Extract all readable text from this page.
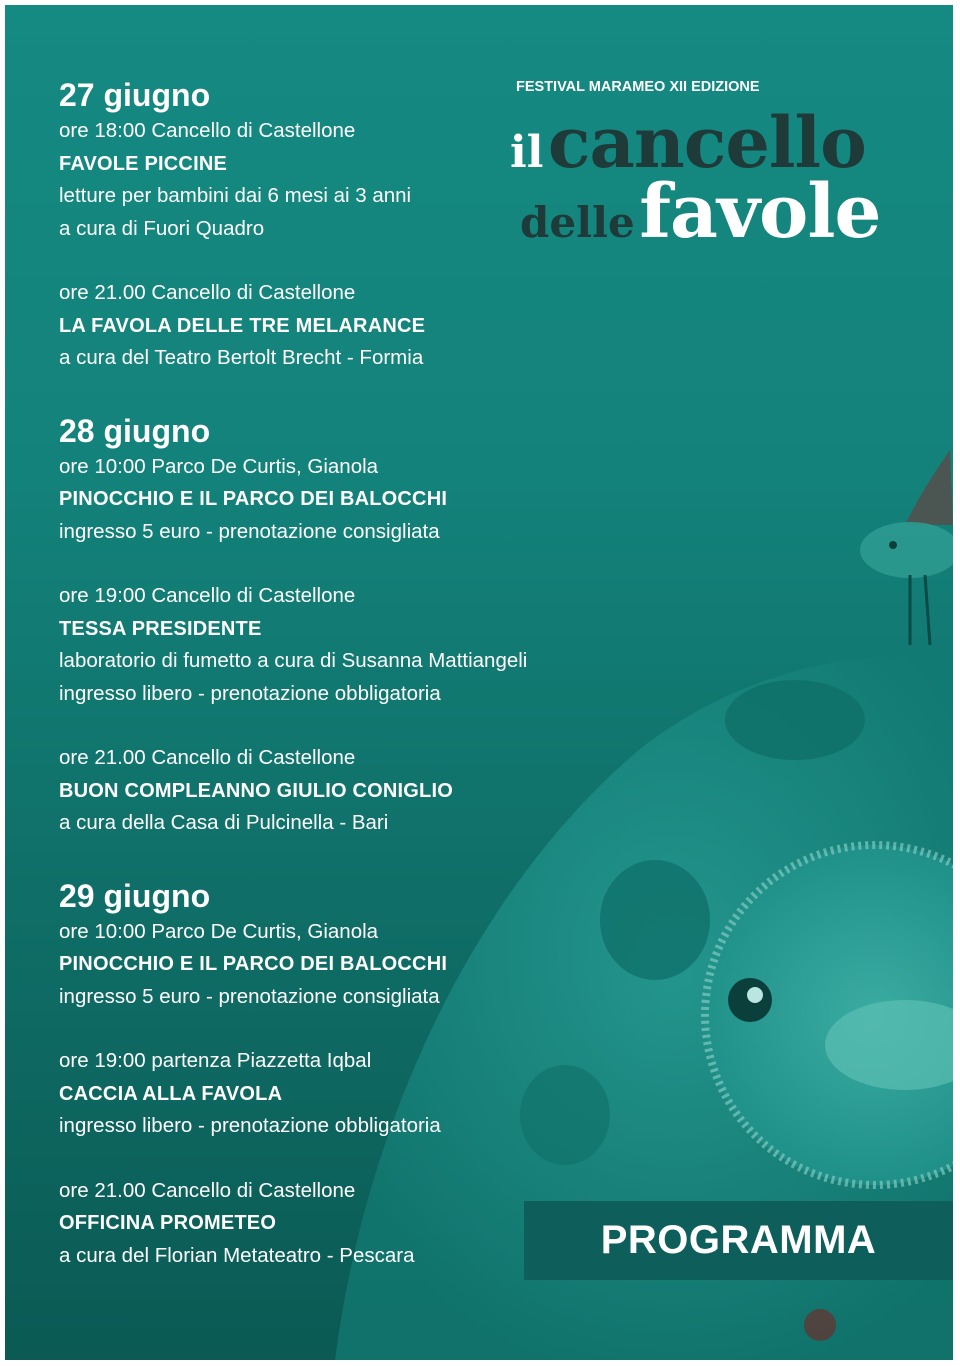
FESTIVAL MARAMEO XII EDIZIONE
il cancello
delle favole
27 giugno
ore 18:00 Cancello di Castellone
FAVOLE PICCINE
letture per bambini dai 6 mesi ai 3 anni
a cura di Fuori Quadro
ore 21.00 Cancello di Castellone
LA FAVOLA DELLE TRE MELARANCE
a cura del Teatro Bertolt Brecht - Formia
28 giugno
ore 10:00 Parco De Curtis, Gianola
PINOCCHIO E IL PARCO DEI BALOCCHI
ingresso 5 euro - prenotazione consigliata
ore 19:00 Cancello di Castellone
TESSA PRESIDENTE
laboratorio di fumetto a cura di Susanna Mattiangeli
ingresso libero - prenotazione obbligatoria
ore 21.00 Cancello di Castellone
BUON COMPLEANNO GIULIO CONIGLIO
a cura della Casa di Pulcinella - Bari
29 giugno
ore 10:00 Parco De Curtis, Gianola
PINOCCHIO E IL PARCO DEI BALOCCHI
ingresso 5 euro - prenotazione consigliata
ore 19:00 partenza Piazzetta Iqbal
CACCIA ALLA FAVOLA
ingresso libero - prenotazione obbligatoria
ore 21.00 Cancello di Castellone
OFFICINA PROMETEO
a cura del Florian Metateatro - Pescara	PROGRAMMA
